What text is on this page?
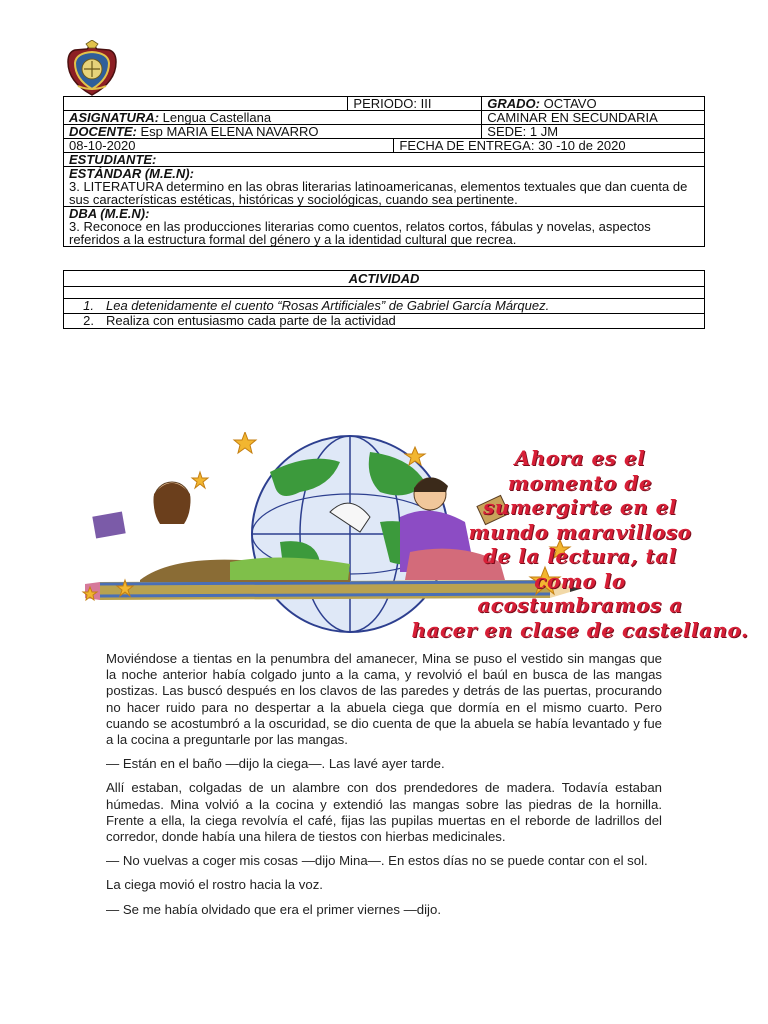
	PERIODO: III		GRADO: OCTAVO
ASIGNATURA: Lengua Castellana			CAMINAR EN SECUNDARIA
DOCENTE: Esp MARIA ELENA NAVARRO			SEDE: 1 JM
08-10-2020		FECHA DE ENTREGA: 30 -10 de 2020	
ESTUDIANTE:			

ESTÁNDAR (M.E.N):
3. LITERATURA determino en las obras literarias latinoamericanas, elementos textuales que dan cuenta de sus características estéticas, históricas y sociológicas, cuando sea pertinente.			

DBA (M.E.N):
3. Reconoce en las producciones literarias como cuentos, relatos cortos, fábulas y novelas, aspectos referidos a la estructura formal del género y a la identidad cultural que recrea.			
ACTIVIDAD

1. Lea detenidamente el cuento “Rosas Artificiales” de Gabriel García Márquez.
2. Realiza con entusiasmo cada parte de la actividad
Ahora es el
momento de
sumergirte en el
mundo maravilloso
de la lectura, tal
como lo
acostumbramos a
hacer en clase de castellano.

Moviéndose a tientas en la penumbra del amanecer, Mina se puso el vestido sin mangas que la noche anterior había colgado junto a la cama, y revolvió el baúl en busca de las mangas postizas. Las buscó después en los clavos de las paredes y detrás de las puertas, procurando no hacer ruido para no despertar a la abuela ciega que dormía en el mismo cuarto. Pero cuando se acostumbró a la oscuridad, se dio cuenta de que la abuela se había levantado y fue a la cocina a preguntarle por las mangas.

— Están en el baño —dijo la ciega—. Las lavé ayer tarde.

Allí estaban, colgadas de un alambre con dos prendedores de madera. Todavía estaban húmedas. Mina volvió a la cocina y extendió las mangas sobre las piedras de la hornilla. Frente a ella, la ciega revolvía el café, fijas las pupilas muertas en el reborde de ladrillos del corredor, donde había una hilera de tiestos con hierbas medicinales.

— No vuelvas a coger mis cosas —dijo Mina—. En estos días no se puede contar con el sol.

La ciega movió el rostro hacia la voz.

— Se me había olvidado que era el primer viernes —dijo.
